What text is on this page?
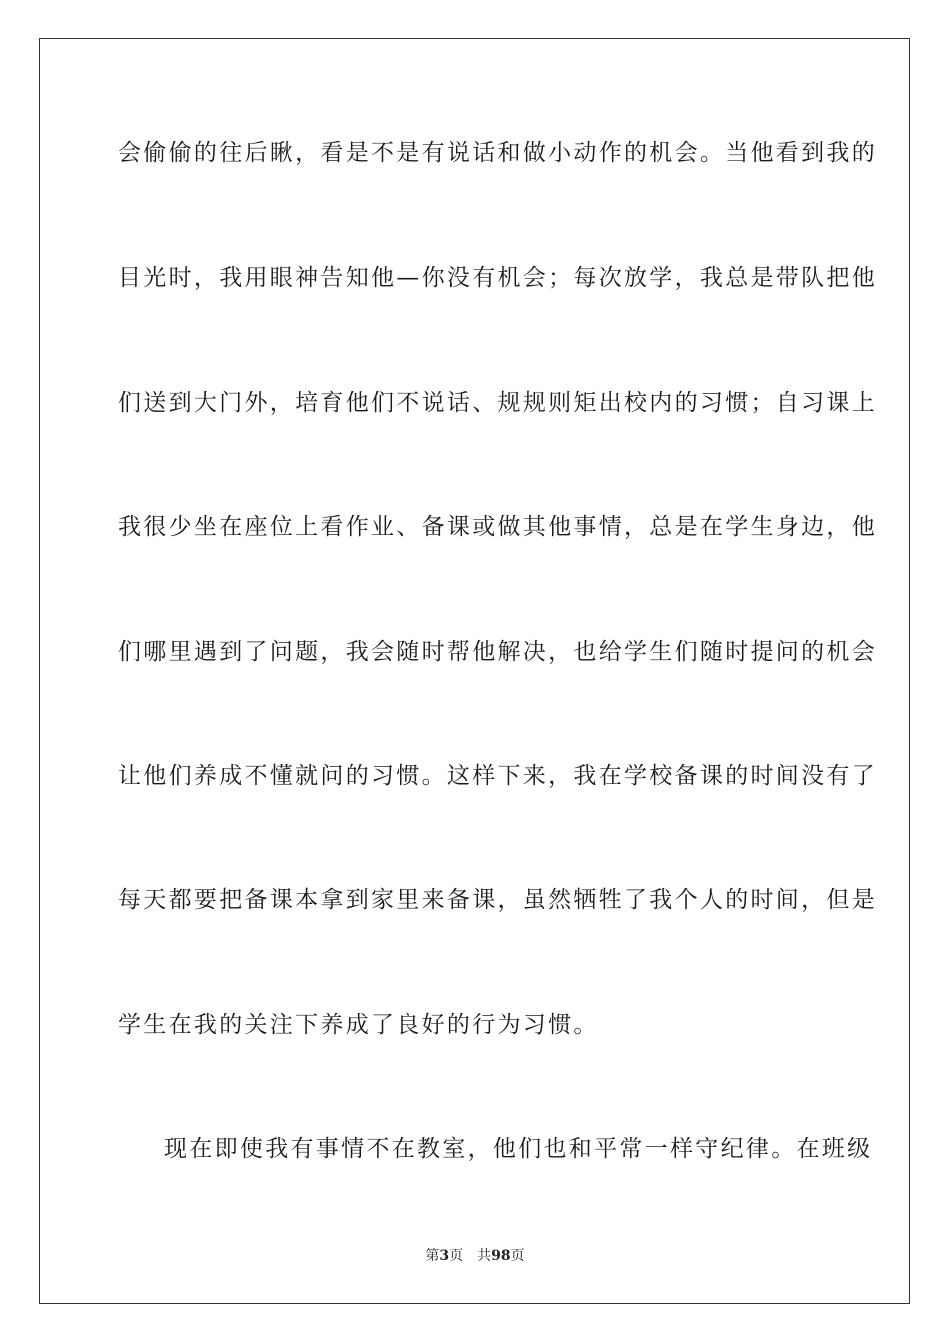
会偷偷的往后瞅，看是不是有说话和做小动作的机会。当他看到我的
目光时，我用眼神告知他—你没有机会；每次放学，我总是带队把他
们送到大门外，培育他们不说话、规规则矩出校内的习惯；自习课上
我很少坐在座位上看作业、备课或做其他事情，总是在学生身边，他
们哪里遇到了问题，我会随时帮他解决，也给学生们随时提问的机会
让他们养成不懂就问的习惯。这样下来，我在学校备课的时间没有了
每天都要把备课本拿到家里来备课，虽然牺牲了我个人的时间，但是
学生在我的关注下养成了良好的行为习惯。
现在即使我有事情不在教室，他们也和平常一样守纪律。在班级
第3页 共98页
